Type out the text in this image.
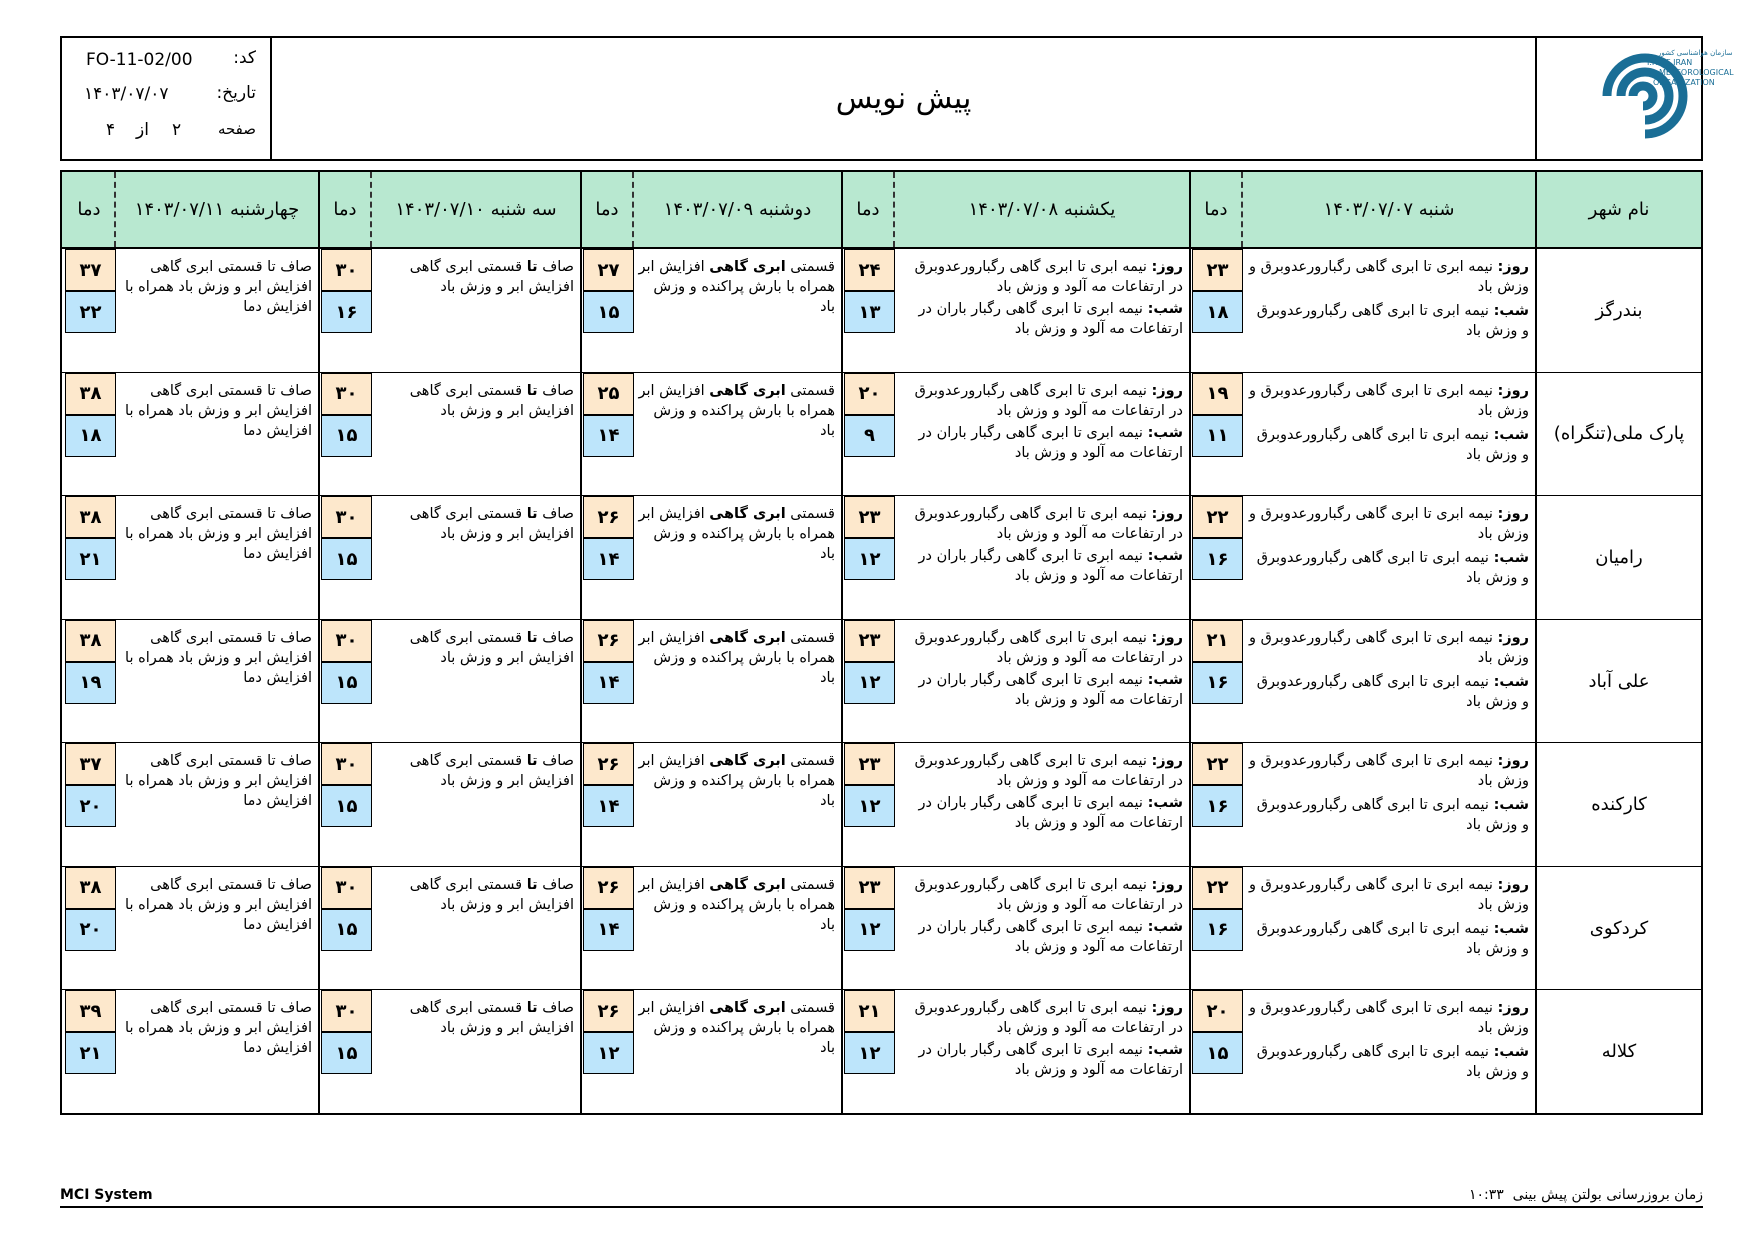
سازمان هواشناسی کشور
I.R.OF IRAN
METEOROLOGICAL
ORGANIZATION
پیش نویس
کد:
FO-11-02/00
تاریخ:
۱۴۰۳/۰۷/۰۷
صفحه
۲
از
۴
نام شهر
شنبه ۱۴۰۳/۰۷/۰۷
دما
یکشنبه ۱۴۰۳/۰۷/۰۸
دما
دوشنبه ۱۴۰۳/۰۷/۰۹
دما
سه شنبه ۱۴۰۳/۰۷/۱۰
دما
چهارشنبه ۱۴۰۳/۰۷/۱۱
دما
بندرگز
روز: نیمه ابری تا ابری گاهی رگبارورعدوبرق و وزش باد
شب: نیمه ابری تا ابری گاهی رگبارورعدوبرق و وزش باد
۲۳
۱۸
روز: نیمه ابری تا ابری گاهی رگبارورعدوبرق در ارتفاعات مه آلود و وزش باد
شب: نیمه ابری تا ابری گاهی رگبار باران در ارتفاعات مه آلود و وزش باد
۲۴
۱۳
قسمتی ابری گاهی افزایش ابر همراه با بارش پراکنده و وزش باد
۲۷
۱۵
صاف تا قسمتی ابری گاهی افزایش ابر و وزش باد
۳۰
۱۶
صاف تا قسمتی ابری گاهی افزایش ابر و وزش باد همراه با افزایش دما
۳۷
۲۲
پارک ملی(تنگراه)
روز: نیمه ابری تا ابری گاهی رگبارورعدوبرق و وزش باد
شب: نیمه ابری تا ابری گاهی رگبارورعدوبرق و وزش باد
۱۹
۱۱
روز: نیمه ابری تا ابری گاهی رگبارورعدوبرق در ارتفاعات مه آلود و وزش باد
شب: نیمه ابری تا ابری گاهی رگبار باران در ارتفاعات مه آلود و وزش باد
۲۰
۹
قسمتی ابری گاهی افزایش ابر همراه با بارش پراکنده و وزش باد
۲۵
۱۴
صاف تا قسمتی ابری گاهی افزایش ابر و وزش باد
۳۰
۱۵
صاف تا قسمتی ابری گاهی افزایش ابر و وزش باد همراه با افزایش دما
۳۸
۱۸
رامیان
روز: نیمه ابری تا ابری گاهی رگبارورعدوبرق و وزش باد
شب: نیمه ابری تا ابری گاهی رگبارورعدوبرق و وزش باد
۲۲
۱۶
روز: نیمه ابری تا ابری گاهی رگبارورعدوبرق در ارتفاعات مه آلود و وزش باد
شب: نیمه ابری تا ابری گاهی رگبار باران در ارتفاعات مه آلود و وزش باد
۲۳
۱۲
قسمتی ابری گاهی افزایش ابر همراه با بارش پراکنده و وزش باد
۲۶
۱۴
صاف تا قسمتی ابری گاهی افزایش ابر و وزش باد
۳۰
۱۵
صاف تا قسمتی ابری گاهی افزایش ابر و وزش باد همراه با افزایش دما
۳۸
۲۱
علی آباد
روز: نیمه ابری تا ابری گاهی رگبارورعدوبرق و وزش باد
شب: نیمه ابری تا ابری گاهی رگبارورعدوبرق و وزش باد
۲۱
۱۶
روز: نیمه ابری تا ابری گاهی رگبارورعدوبرق در ارتفاعات مه آلود و وزش باد
شب: نیمه ابری تا ابری گاهی رگبار باران در ارتفاعات مه آلود و وزش باد
۲۳
۱۲
قسمتی ابری گاهی افزایش ابر همراه با بارش پراکنده و وزش باد
۲۶
۱۴
صاف تا قسمتی ابری گاهی افزایش ابر و وزش باد
۳۰
۱۵
صاف تا قسمتی ابری گاهی افزایش ابر و وزش باد همراه با افزایش دما
۳۸
۱۹
کارکنده
روز: نیمه ابری تا ابری گاهی رگبارورعدوبرق و وزش باد
شب: نیمه ابری تا ابری گاهی رگبارورعدوبرق و وزش باد
۲۲
۱۶
روز: نیمه ابری تا ابری گاهی رگبارورعدوبرق در ارتفاعات مه آلود و وزش باد
شب: نیمه ابری تا ابری گاهی رگبار باران در ارتفاعات مه آلود و وزش باد
۲۳
۱۲
قسمتی ابری گاهی افزایش ابر همراه با بارش پراکنده و وزش باد
۲۶
۱۴
صاف تا قسمتی ابری گاهی افزایش ابر و وزش باد
۳۰
۱۵
صاف تا قسمتی ابری گاهی افزایش ابر و وزش باد همراه با افزایش دما
۳۷
۲۰
کردکوی
روز: نیمه ابری تا ابری گاهی رگبارورعدوبرق و وزش باد
شب: نیمه ابری تا ابری گاهی رگبارورعدوبرق و وزش باد
۲۲
۱۶
روز: نیمه ابری تا ابری گاهی رگبارورعدوبرق در ارتفاعات مه آلود و وزش باد
شب: نیمه ابری تا ابری گاهی رگبار باران در ارتفاعات مه آلود و وزش باد
۲۳
۱۲
قسمتی ابری گاهی افزایش ابر همراه با بارش پراکنده و وزش باد
۲۶
۱۴
صاف تا قسمتی ابری گاهی افزایش ابر و وزش باد
۳۰
۱۵
صاف تا قسمتی ابری گاهی افزایش ابر و وزش باد همراه با افزایش دما
۳۸
۲۰
کلاله
روز: نیمه ابری تا ابری گاهی رگبارورعدوبرق و وزش باد
شب: نیمه ابری تا ابری گاهی رگبارورعدوبرق و وزش باد
۲۰
۱۵
روز: نیمه ابری تا ابری گاهی رگبارورعدوبرق در ارتفاعات مه آلود و وزش باد
شب: نیمه ابری تا ابری گاهی رگبار باران در ارتفاعات مه آلود و وزش باد
۲۱
۱۲
قسمتی ابری گاهی افزایش ابر همراه با بارش پراکنده و وزش باد
۲۶
۱۲
صاف تا قسمتی ابری گاهی افزایش ابر و وزش باد
۳۰
۱۵
صاف تا قسمتی ابری گاهی افزایش ابر و وزش باد همراه با افزایش دما
۳۹
۲۱
زمان بروزرسانی بولتن پیش بینی  ۱۰:۳۳
MCI System
